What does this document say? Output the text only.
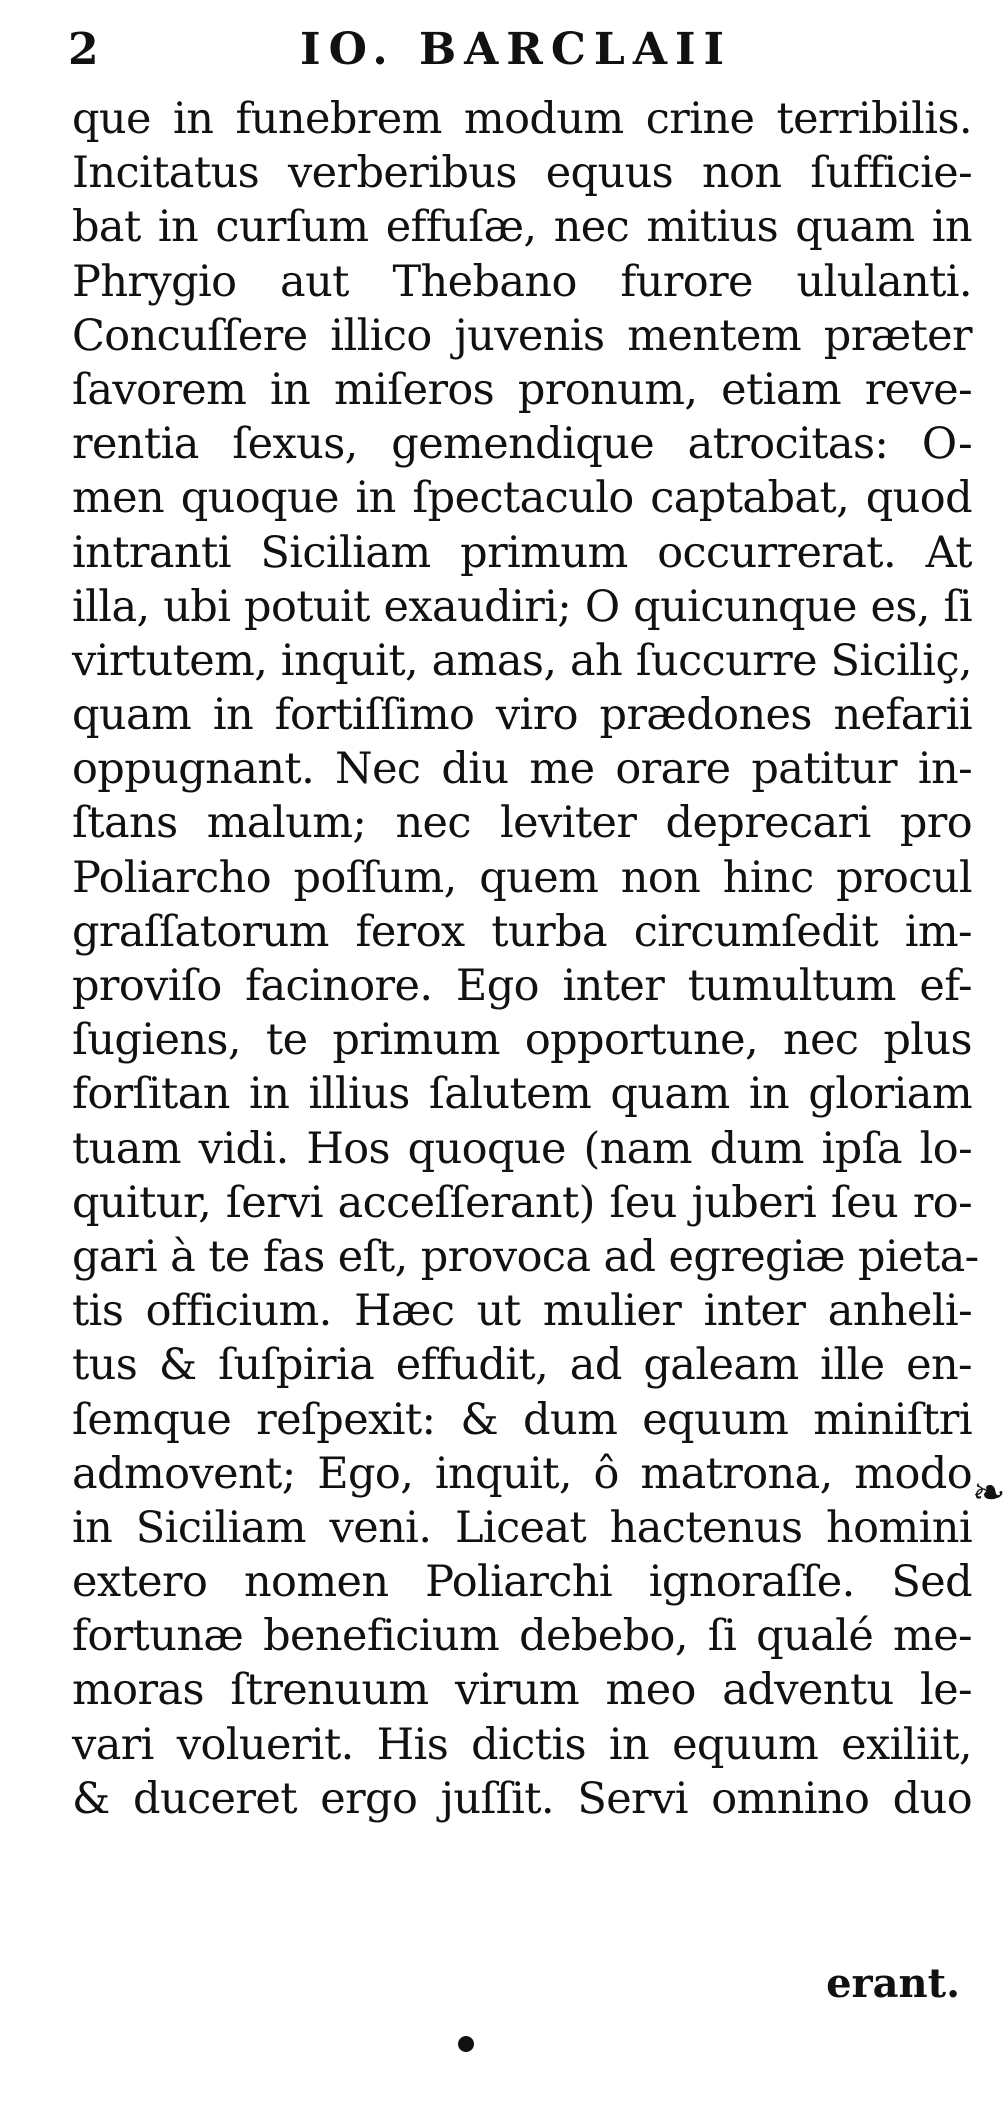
2	IO. BARCLAII
que in funebrem modum crine terribilis.
Incitatus verberibus equus non ſufficie-
bat in curſum effuſæ, nec mitius quam in
Phrygio aut Thebano furore ululanti.
Concuſſere illico juvenis mentem præter
ſavorem in miſeros pronum, etiam reve-
rentia ſexus, gemendique atrocitas: O-
men quoque in ſpectaculo captabat, quod
intranti Siciliam primum occurrerat. At
illa, ubi potuit exaudiri; O quicunque es, ſi
virtutem, inquit, amas, ah ſuccurre Siciliç,
quam in fortiſſimo viro prædones nefarii
oppugnant. Nec diu me orare patitur in-
ſtans malum; nec leviter deprecari pro
Poliarcho poſſum, quem non hinc procul
graſſatorum ferox turba circumſedit im-
proviſo facinore. Ego inter tumultum ef-
ſugiens, te primum opportune, nec plus
forſitan in illius ſalutem quam in gloriam
tuam vidi. Hos quoque (nam dum ipſa lo-
quitur, ſervi acceſſerant) ſeu juberi ſeu ro-
gari à te fas eſt, provoca ad egregiæ pieta-
tis officium. Hæc ut mulier inter anheli-
tus & ſuſpiria effudit, ad galeam ille en-
ſemque reſpexit: & dum equum miniſtri
admovent; Ego, inquit, ô matrona, modo
in Siciliam veni. Liceat hactenus homini
extero nomen Poliarchi ignoraſſe. Sed
fortunæ beneficium debebo, ſi qualé me-
moras ſtrenuum virum meo adventu le-
vari voluerit. His dictis in equum exiliit,
& duceret ergo juſſit. Servi omnino duo
erant.
❧
